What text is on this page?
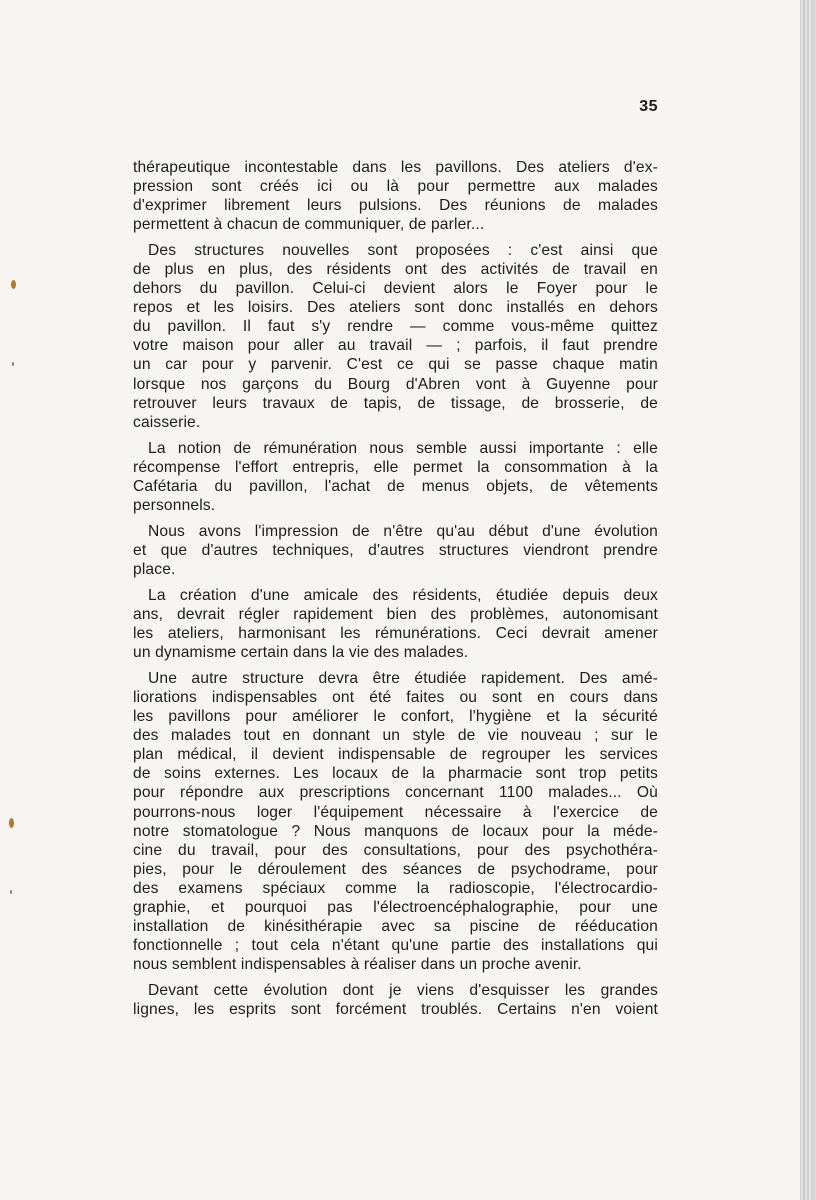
35
thérapeutique incontestable dans les pavillons. Des ateliers d'ex-
pression sont créés ici ou là pour permettre aux malades
d'exprimer librement leurs pulsions. Des réunions de malades
permettent à chacun de communiquer, de parler...
Des structures nouvelles sont proposées : c'est ainsi que
de plus en plus, des résidents ont des activités de travail en
dehors du pavillon. Celui-ci devient alors le Foyer pour le
repos et les loisirs. Des ateliers sont donc installés en dehors
du pavillon. Il faut s'y rendre — comme vous-même quittez
votre maison pour aller au travail — ; parfois, il faut prendre
un car pour y parvenir. C'est ce qui se passe chaque matin
lorsque nos garçons du Bourg d'Abren vont à Guyenne pour
retrouver leurs travaux de tapis, de tissage, de brosserie, de
caisserie.
La notion de rémunération nous semble aussi importante : elle
récompense l'effort entrepris, elle permet la consommation à la
Cafétaria du pavillon, l'achat de menus objets, de vêtements
personnels.
Nous avons l'impression de n'être qu'au début d'une évolution
et que d'autres techniques, d'autres structures viendront prendre
place.
La création d'une amicale des résidents, étudiée depuis deux
ans, devrait régler rapidement bien des problèmes, autonomisant
les ateliers, harmonisant les rémunérations. Ceci devrait amener
un dynamisme certain dans la vie des malades.
Une autre structure devra être étudiée rapidement. Des amé-
liorations indispensables ont été faites ou sont en cours dans
les pavillons pour améliorer le confort, l'hygiène et la sécurité
des malades tout en donnant un style de vie nouveau ; sur le
plan médical, il devient indispensable de regrouper les services
de soins externes. Les locaux de la pharmacie sont trop petits
pour répondre aux prescriptions concernant 1100 malades... Où
pourrons-nous loger l'équipement nécessaire à l'exercice de
notre stomatologue ? Nous manquons de locaux pour la méde-
cine du travail, pour des consultations, pour des psychothéra-
pies, pour le déroulement des séances de psychodrame, pour
des examens spéciaux comme la radioscopie, l'électrocardio-
graphie, et pourquoi pas l'électroencéphalographie, pour une
installation de kinésithérapie avec sa piscine de rééducation
fonctionnelle ; tout cela n'étant qu'une partie des installations qui
nous semblent indispensables à réaliser dans un proche avenir.
Devant cette évolution dont je viens d'esquisser les grandes
lignes, les esprits sont forcément troublés. Certains n'en voient
